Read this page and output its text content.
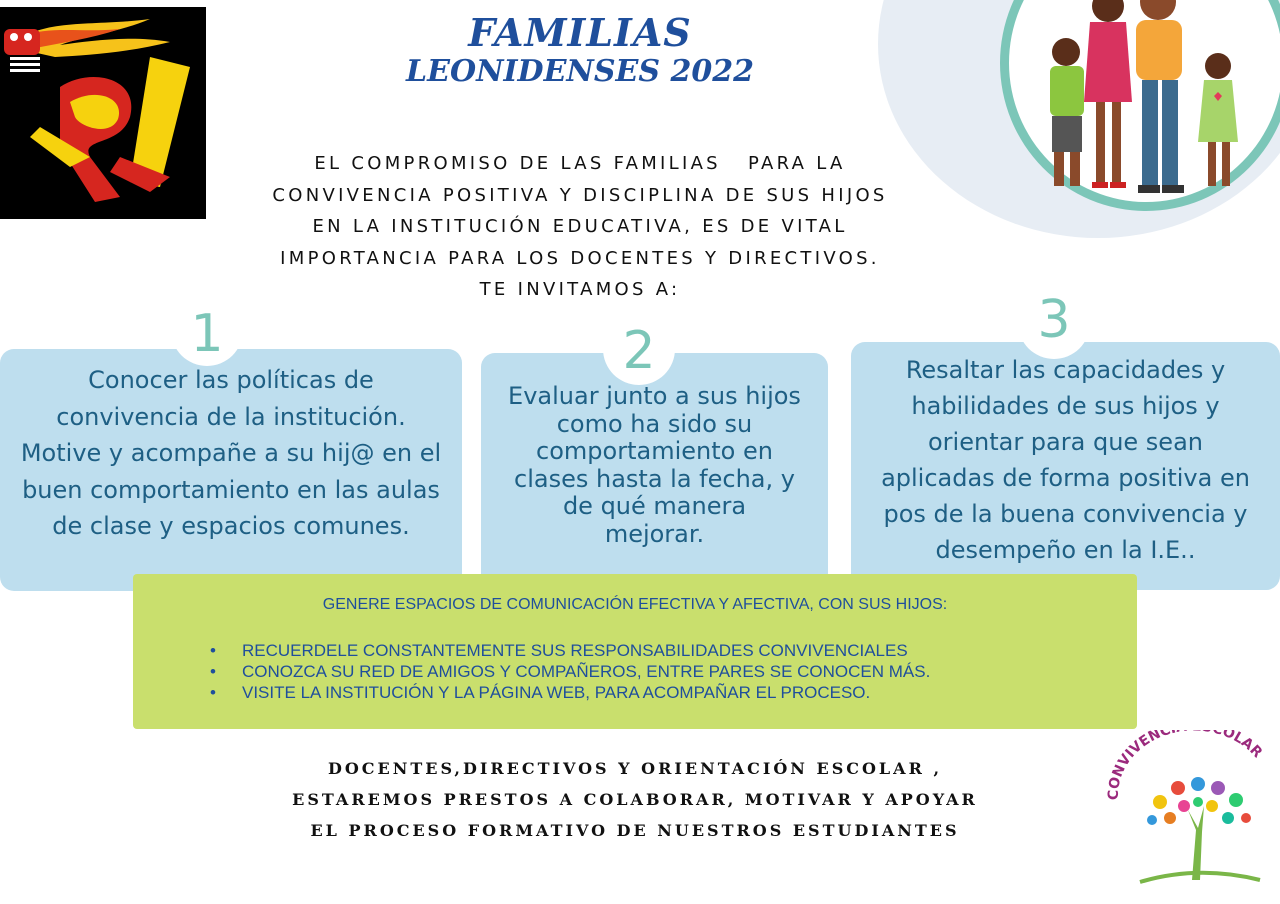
FAMILIAS
LEONIDENSES 2022
EL COMPROMISO DE LAS FAMILIAS   PARA LA
CONVIVENCIA POSITIVA Y DISCIPLINA DE SUS HIJOS
EN LA INSTITUCIÓN EDUCATIVA, ES DE VITAL
IMPORTANCIA PARA LOS DOCENTES Y DIRECTIVOS.
TE INVITAMOS A:
1
Conocer las políticas de
convivencia de la institución.
Motive y acompañe a su hij@ en el
buen comportamiento en las aulas
de clase y espacios comunes.
2
Evaluar junto a sus hijos
como ha sido su
comportamiento en
clases hasta la fecha, y
de qué manera
mejorar.
3
Resaltar las capacidades y
habilidades de sus hijos y
orientar para que sean
aplicadas de forma positiva en
pos de la buena convivencia y
desempeño en la I.E..
GENERE ESPACIOS DE COMUNICACIÓN EFECTIVA Y AFECTIVA, CON SUS HIJOS:
• RECUERDELE CONSTANTEMENTE SUS RESPONSABILIDADES CONVIVENCIALES
• CONOZCA SU RED DE AMIGOS Y COMPAÑEROS, ENTRE PARES SE CONOCEN MÁS.
• VISITE LA INSTITUCIÓN Y LA PÁGINA WEB, PARA ACOMPAÑAR EL PROCESO.
DOCENTES,DIRECTIVOS Y ORIENTACIÓN ESCOLAR ,
ESTAREMOS PRESTOS A COLABORAR, MOTIVAR Y APOYAR
EL PROCESO FORMATIVO DE NUESTROS ESTUDIANTES
CONVIVENC OLAR
